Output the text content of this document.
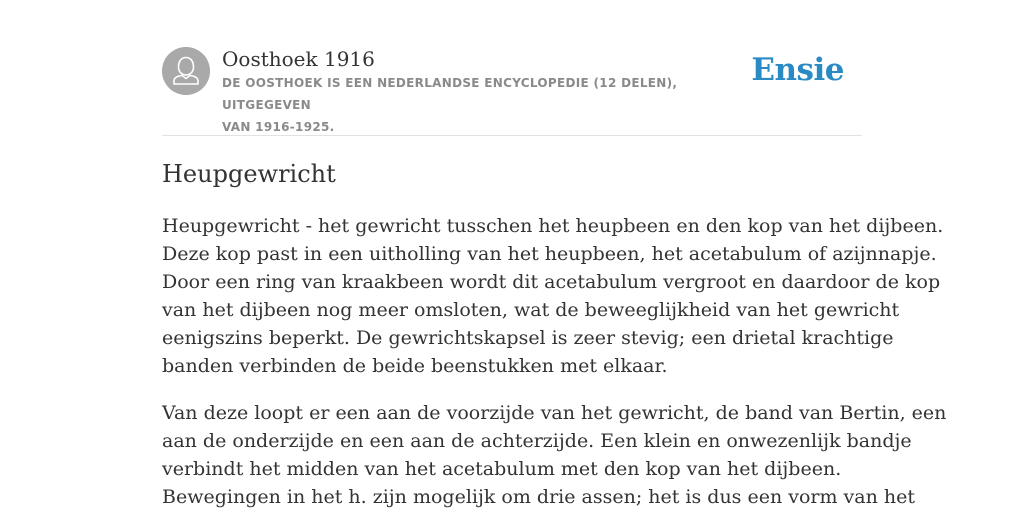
Oosthoek 1916
DE OOSTHOEK IS EEN NEDERLANDSE ENCYCLOPEDIE (12 DELEN), UITGEGEVEN
VAN 1916-1925.
Ensie
Heupgewricht
Heupgewricht - het gewricht tusschen het heupbeen en den kop van het dijbeen.
Deze kop past in een uitholling van het heupbeen, het acetabulum of azijnnapje.
Door een ring van kraakbeen wordt dit acetabulum vergroot en daardoor de kop
van het dijbeen nog meer omsloten, wat de beweeglijkheid van het gewricht
eenigszins beperkt. De gewrichtskapsel is zeer stevig; een drietal krachtige
banden verbinden de beide beenstukken met elkaar.
Van deze loopt er een aan de voorzijde van het gewricht, de band van Bertin, een
aan de onderzijde en een aan de achterzijde. Een klein en onwezenlijk bandje
verbindt het midden van het acetabulum met den kop van het dijbeen.
Bewegingen in het h. zijn mogelijk om drie assen; het is dus een vorm van het
